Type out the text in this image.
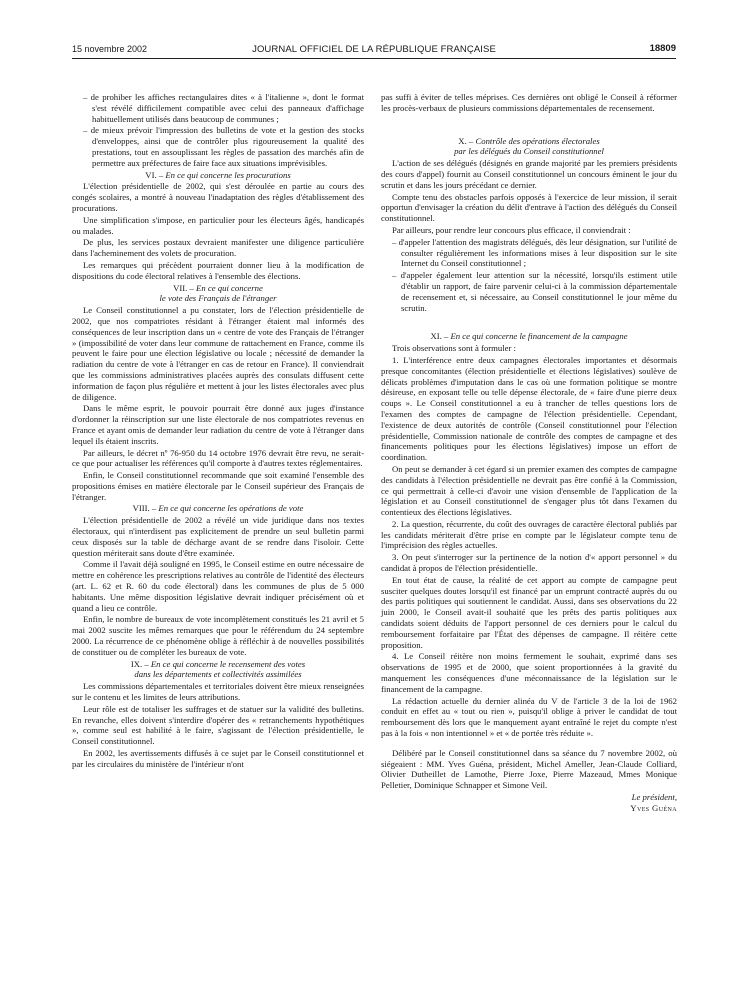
15 novembre 2002	JOURNAL OFFICIEL DE LA RÉPUBLIQUE FRANÇAISE	18809

– de prohiber les affiches rectangulaires dites « à l'italienne », dont le format s'est révélé difficilement compatible avec celui des panneaux d'affichage habituellement utilisés dans beaucoup de communes ;

– de mieux prévoir l'impression des bulletins de vote et la gestion des stocks d'enveloppes, ainsi que de contrôler plus rigoureusement la qualité des prestations, tout en assouplissant les règles de passation des marchés afin de permettre aux préfectures de faire face aux situations imprévisibles.

VI. – En ce qui concerne les procurations

L'élection présidentielle de 2002, qui s'est déroulée en partie au cours des congés scolaires, a montré à nouveau l'inadaptation des règles d'établissement des procurations.

Une simplification s'impose, en particulier pour les électeurs âgés, handicapés ou malades.

De plus, les services postaux devraient manifester une diligence particulière dans l'acheminement des volets de procuration.

Les remarques qui précèdent pourraient donner lieu à la modification de dispositions du code électoral relatives à l'ensemble des élections.

VII. – En ce qui concerne
le vote des Français de l'étranger

Le Conseil constitutionnel a pu constater, lors de l'élection présidentielle de 2002, que nos compatriotes résidant à l'étranger étaient mal informés des conséquences de leur inscription dans un « centre de vote des Français de l'étranger » (impossibilité de voter dans leur commune de rattachement en France, comme ils peuvent le faire pour une élection législative ou locale ; nécessité de demander la radiation du centre de vote à l'étranger en cas de retour en France). Il conviendrait que les commissions administratives placées auprès des consulats diffusent cette information de façon plus régulière et mettent à jour les listes électorales avec plus de diligence.

Dans le même esprit, le pouvoir pourrait être donné aux juges d'instance d'ordonner la réinscription sur une liste électorale de nos compatriotes revenus en France et ayant omis de demander leur radiation du centre de vote à l'étranger dans lequel ils étaient inscrits.

Par ailleurs, le décret nº 76-950 du 14 octobre 1976 devrait être revu, ne serait-ce que pour actualiser les références qu'il comporte à d'autres textes réglementaires.

Enfin, le Conseil constitutionnel recommande que soit examiné l'ensemble des propositions émises en matière électorale par le Conseil supérieur des Français de l'étranger.

VIII. – En ce qui concerne les opérations de vote

L'élection présidentielle de 2002 a révélé un vide juridique dans nos textes électoraux, qui n'interdisent pas explicitement de prendre un seul bulletin parmi ceux disposés sur la table de décharge avant de se rendre dans l'isoloir. Cette question mériterait sans doute d'être examinée.

Comme il l'avait déjà souligné en 1995, le Conseil estime en outre nécessaire de mettre en cohérence les prescriptions relatives au contrôle de l'identité des électeurs (art. L. 62 et R. 60 du code électoral) dans les communes de plus de 5 000 habitants. Une même disposition législative devrait indiquer précisément où et quand a lieu ce contrôle.

Enfin, le nombre de bureaux de vote incomplètement constitués les 21 avril et 5 mai 2002 suscite les mêmes remarques que pour le référendum du 24 septembre 2000. La récurrence de ce phénomène oblige à réfléchir à de nouvelles possibilités de constituer ou de compléter les bureaux de vote.

IX. – En ce qui concerne le recensement des votes
dans les départements et collectivités assimilées

Les commissions départementales et territoriales doivent être mieux renseignées sur le contenu et les limites de leurs attributions.

Leur rôle est de totaliser les suffrages et de statuer sur la validité des bulletins. En revanche, elles doivent s'interdire d'opérer des « retranchements hypothétiques », comme seul est habilité à le faire, s'agissant de l'élection présidentielle, le Conseil constitutionnel.

En 2002, les avertissements diffusés à ce sujet par le Conseil constitutionnel et par les circulaires du ministère de l'intérieur n'ont

pas suffi à éviter de telles méprises. Ces dernières ont obligé le Conseil à réformer les procès-verbaux de plusieurs commissions départementales de recensement.

X. – Contrôle des opérations électorales
par les délégués du Conseil constitutionnel

L'action de ses délégués (désignés en grande majorité par les premiers présidents des cours d'appel) fournit au Conseil constitutionnel un concours éminent le jour du scrutin et dans les jours précédant ce dernier.

Compte tenu des obstacles parfois opposés à l'exercice de leur mission, il serait opportun d'envisager la création du délit d'entrave à l'action des délégués du Conseil constitutionnel.

Par ailleurs, pour rendre leur concours plus efficace, il conviendrait :

– d'appeler l'attention des magistrats délégués, dès leur désignation, sur l'utilité de consulter régulièrement les informations mises à leur disposition sur le site Internet du Conseil constitutionnel ;

– d'appeler également leur attention sur la nécessité, lorsqu'ils estiment utile d'établir un rapport, de faire parvenir celui-ci à la commission départementale de recensement et, si nécessaire, au Conseil constitutionnel le jour même du scrutin.

XI. – En ce qui concerne le financement de la campagne

Trois observations sont à formuler :

1. L'interférence entre deux campagnes électorales importantes et désormais presque concomitantes (élection présidentielle et élections législatives) soulève de délicats problèmes d'imputation dans le cas où une formation politique se montre désireuse, en exposant telle ou telle dépense électorale, de « faire d'une pierre deux coups ». Le Conseil constitutionnel a eu à trancher de telles questions lors de l'examen des comptes de campagne de l'élection présidentielle. Cependant, l'existence de deux autorités de contrôle (Conseil constitutionnel pour l'élection présidentielle, Commission nationale de contrôle des comptes de campagne et des financements politiques pour les élections législatives) impose un effort de coordination.

On peut se demander à cet égard si un premier examen des comptes de campagne des candidats à l'élection présidentielle ne devrait pas être confié à la Commission, ce qui permettrait à celle-ci d'avoir une vision d'ensemble de l'application de la législation et au Conseil constitutionnel de s'engager plus tôt dans l'examen du contentieux des élections législatives.

2. La question, récurrente, du coût des ouvrages de caractère électoral publiés par les candidats mériterait d'être prise en compte par le législateur compte tenu de l'imprécision des règles actuelles.

3. On peut s'interroger sur la pertinence de la notion d'« apport personnel » du candidat à propos de l'élection présidentielle.

En tout état de cause, la réalité de cet apport au compte de campagne peut susciter quelques doutes lorsqu'il est financé par un emprunt contracté auprès du ou des partis politiques qui soutiennent le candidat. Aussi, dans ses observations du 22 juin 2000, le Conseil avait-il souhaité que les prêts des partis politiques aux candidats soient déduits de l'apport personnel de ces derniers pour le calcul du remboursement forfaitaire par l'État des dépenses de campagne. Il réitère cette proposition.

4. Le Conseil réitère non moins fermement le souhait, exprimé dans ses observations de 1995 et de 2000, que soient proportionnées à la gravité du manquement les conséquences d'une méconnaissance de la législation sur le financement de la campagne.

La rédaction actuelle du dernier alinéa du V de l'article 3 de la loi de 1962 conduit en effet au « tout ou rien », puisqu'il oblige à priver le candidat de tout remboursement dès lors que le manquement ayant entraîné le rejet du compte n'est pas à la fois « non intentionnel » et « de portée très réduite ».

Délibéré par le Conseil constitutionnel dans sa séance du 7 novembre 2002, où siégeaient : MM. Yves Guéna, président, Michel Ameller, Jean-Claude Colliard, Olivier Dutheillet de Lamothe, Pierre Joxe, Pierre Mazeaud, Mmes Monique Pelletier, Dominique Schnapper et Simone Veil.

Le président,
Yves Guéna
